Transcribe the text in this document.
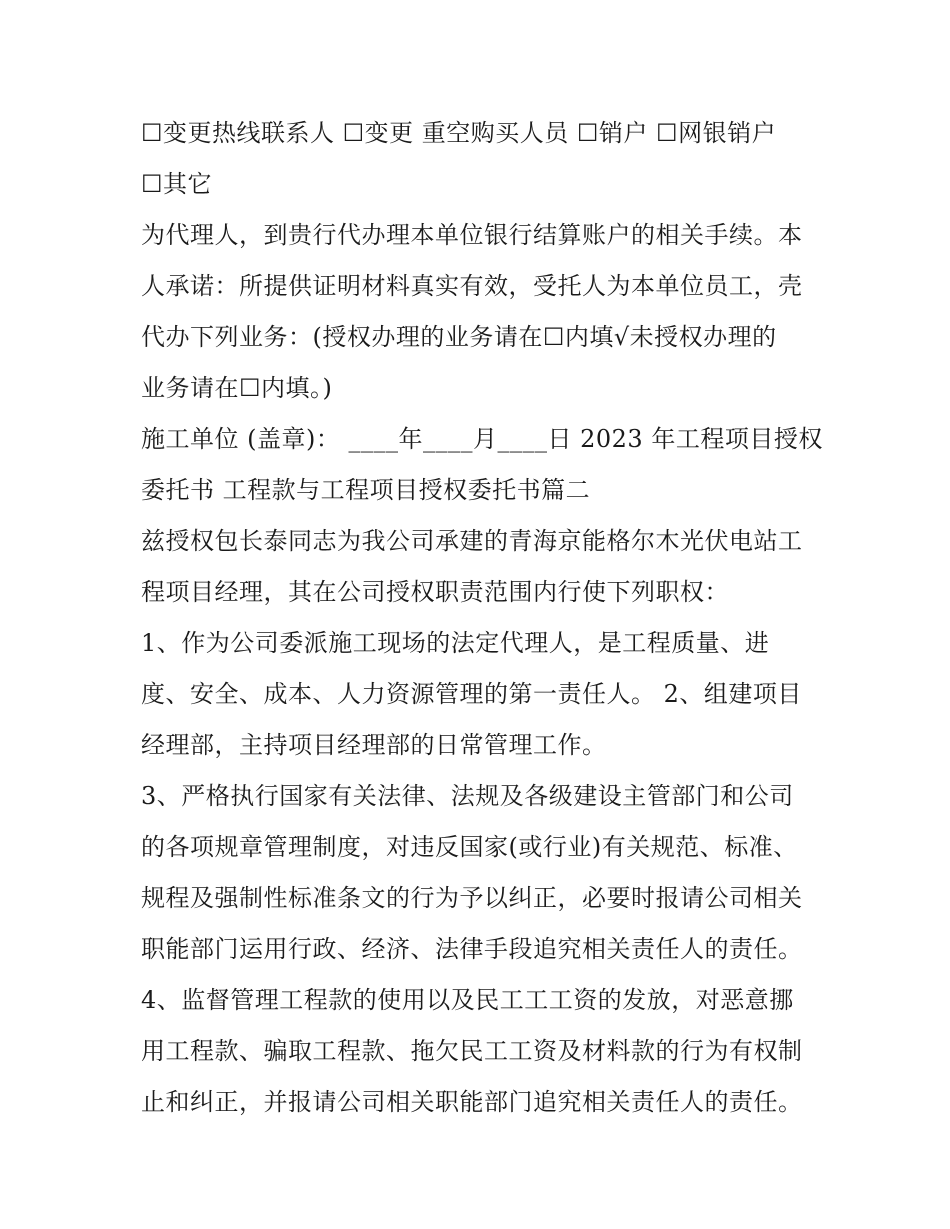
☐变更热线联系人 ☐变更 重空购买人员 ☐销户 ☐网银销户
☐其它
为代理人，到贵行代办理本单位银行结算账户的相关手续。本
人承诺：所提供证明材料真实有效，受托人为本单位员工，壳
代办下列业务：(授权办理的业务请在☐内填√未授权办理的
业务请在☐内填。)
施工单位 (盖章)： ____年____月____日 2023 年工程项目授权
委托书 工程款与工程项目授权委托书篇二
兹授权包长泰同志为我公司承建的青海京能格尔木光伏电站工
程项目经理，其在公司授权职责范围内行使下列职权：
1、作为公司委派施工现场的法定代理人，是工程质量、进
度、安全、成本、人力资源管理的第一责任人。 2、组建项目
经理部，主持项目经理部的日常管理工作。
3、严格执行国家有关法律、法规及各级建设主管部门和公司
的各项规章管理制度，对违反国家(或行业)有关规范、标准、
规程及强制性标准条文的行为予以纠正，必要时报请公司相关
职能部门运用行政、经济、法律手段追究相关责任人的责任。
4、监督管理工程款的使用以及民工工工资的发放，对恶意挪
用工程款、骗取工程款、拖欠民工工资及材料款的行为有权制
止和纠正，并报请公司相关职能部门追究相关责任人的责任。
